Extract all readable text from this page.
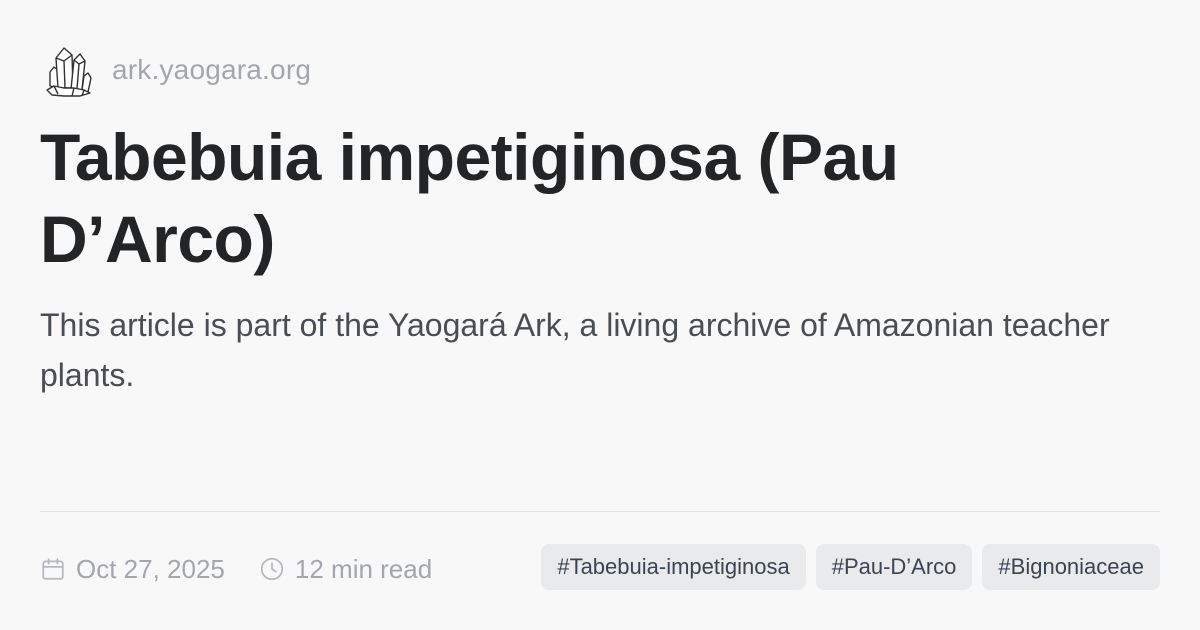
ark.yaogara.org
Tabebuia impetiginosa (Pau D’Arco)

This article is part of the Yaogará Ark, a living archive of Amazonian teacher plants.

Oct 27, 2025	12 min read	#Tabebuia-impetiginosa	#Pau-D’Arco	#Bignoniaceae
